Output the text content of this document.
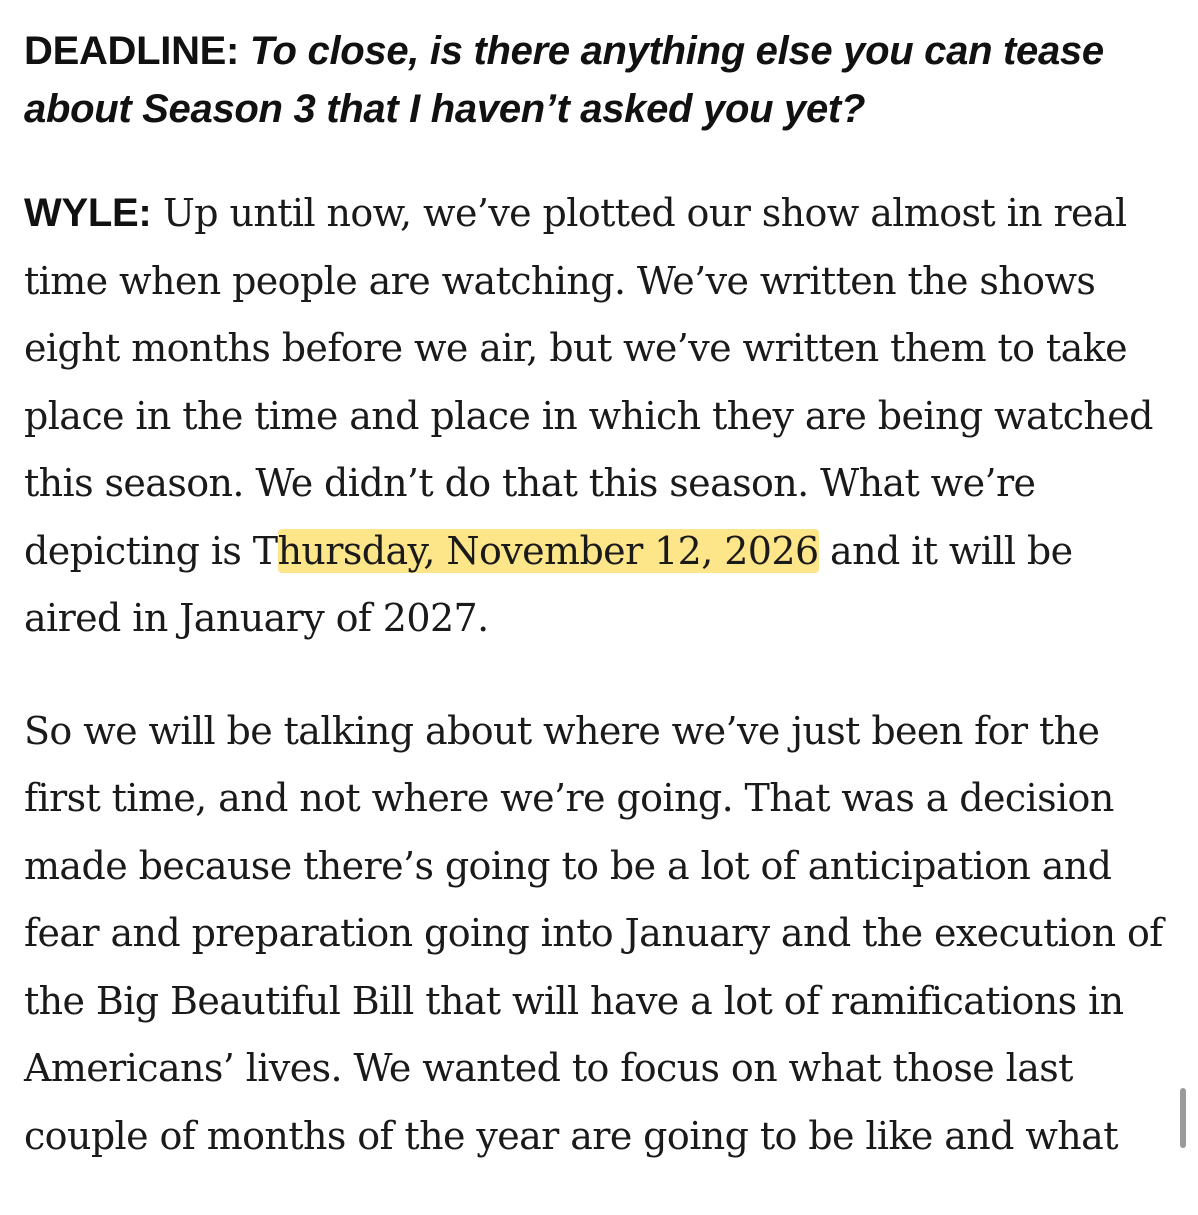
DEADLINE: To close, is there anything else you can tease about Season 3 that I haven’t asked you yet?

WYLE: Up until now, we’ve plotted our show almost in real time when people are watching. We’ve written the shows eight months before we air, but we’ve written them to take place in the time and place in which they are being watched this season. We didn’t do that this season. What we’re depicting is Thursday, November 12, 2026 and it will be aired in January of 2027.

So we will be talking about where we’ve just been for the first time, and not where we’re going. That was a decision made because there’s going to be a lot of anticipation and fear and preparation going into January and the execution of the Big Beautiful Bill that will have a lot of ramifications in Americans’ lives. We wanted to focus on what those last couple of months of the year are going to be like and what
